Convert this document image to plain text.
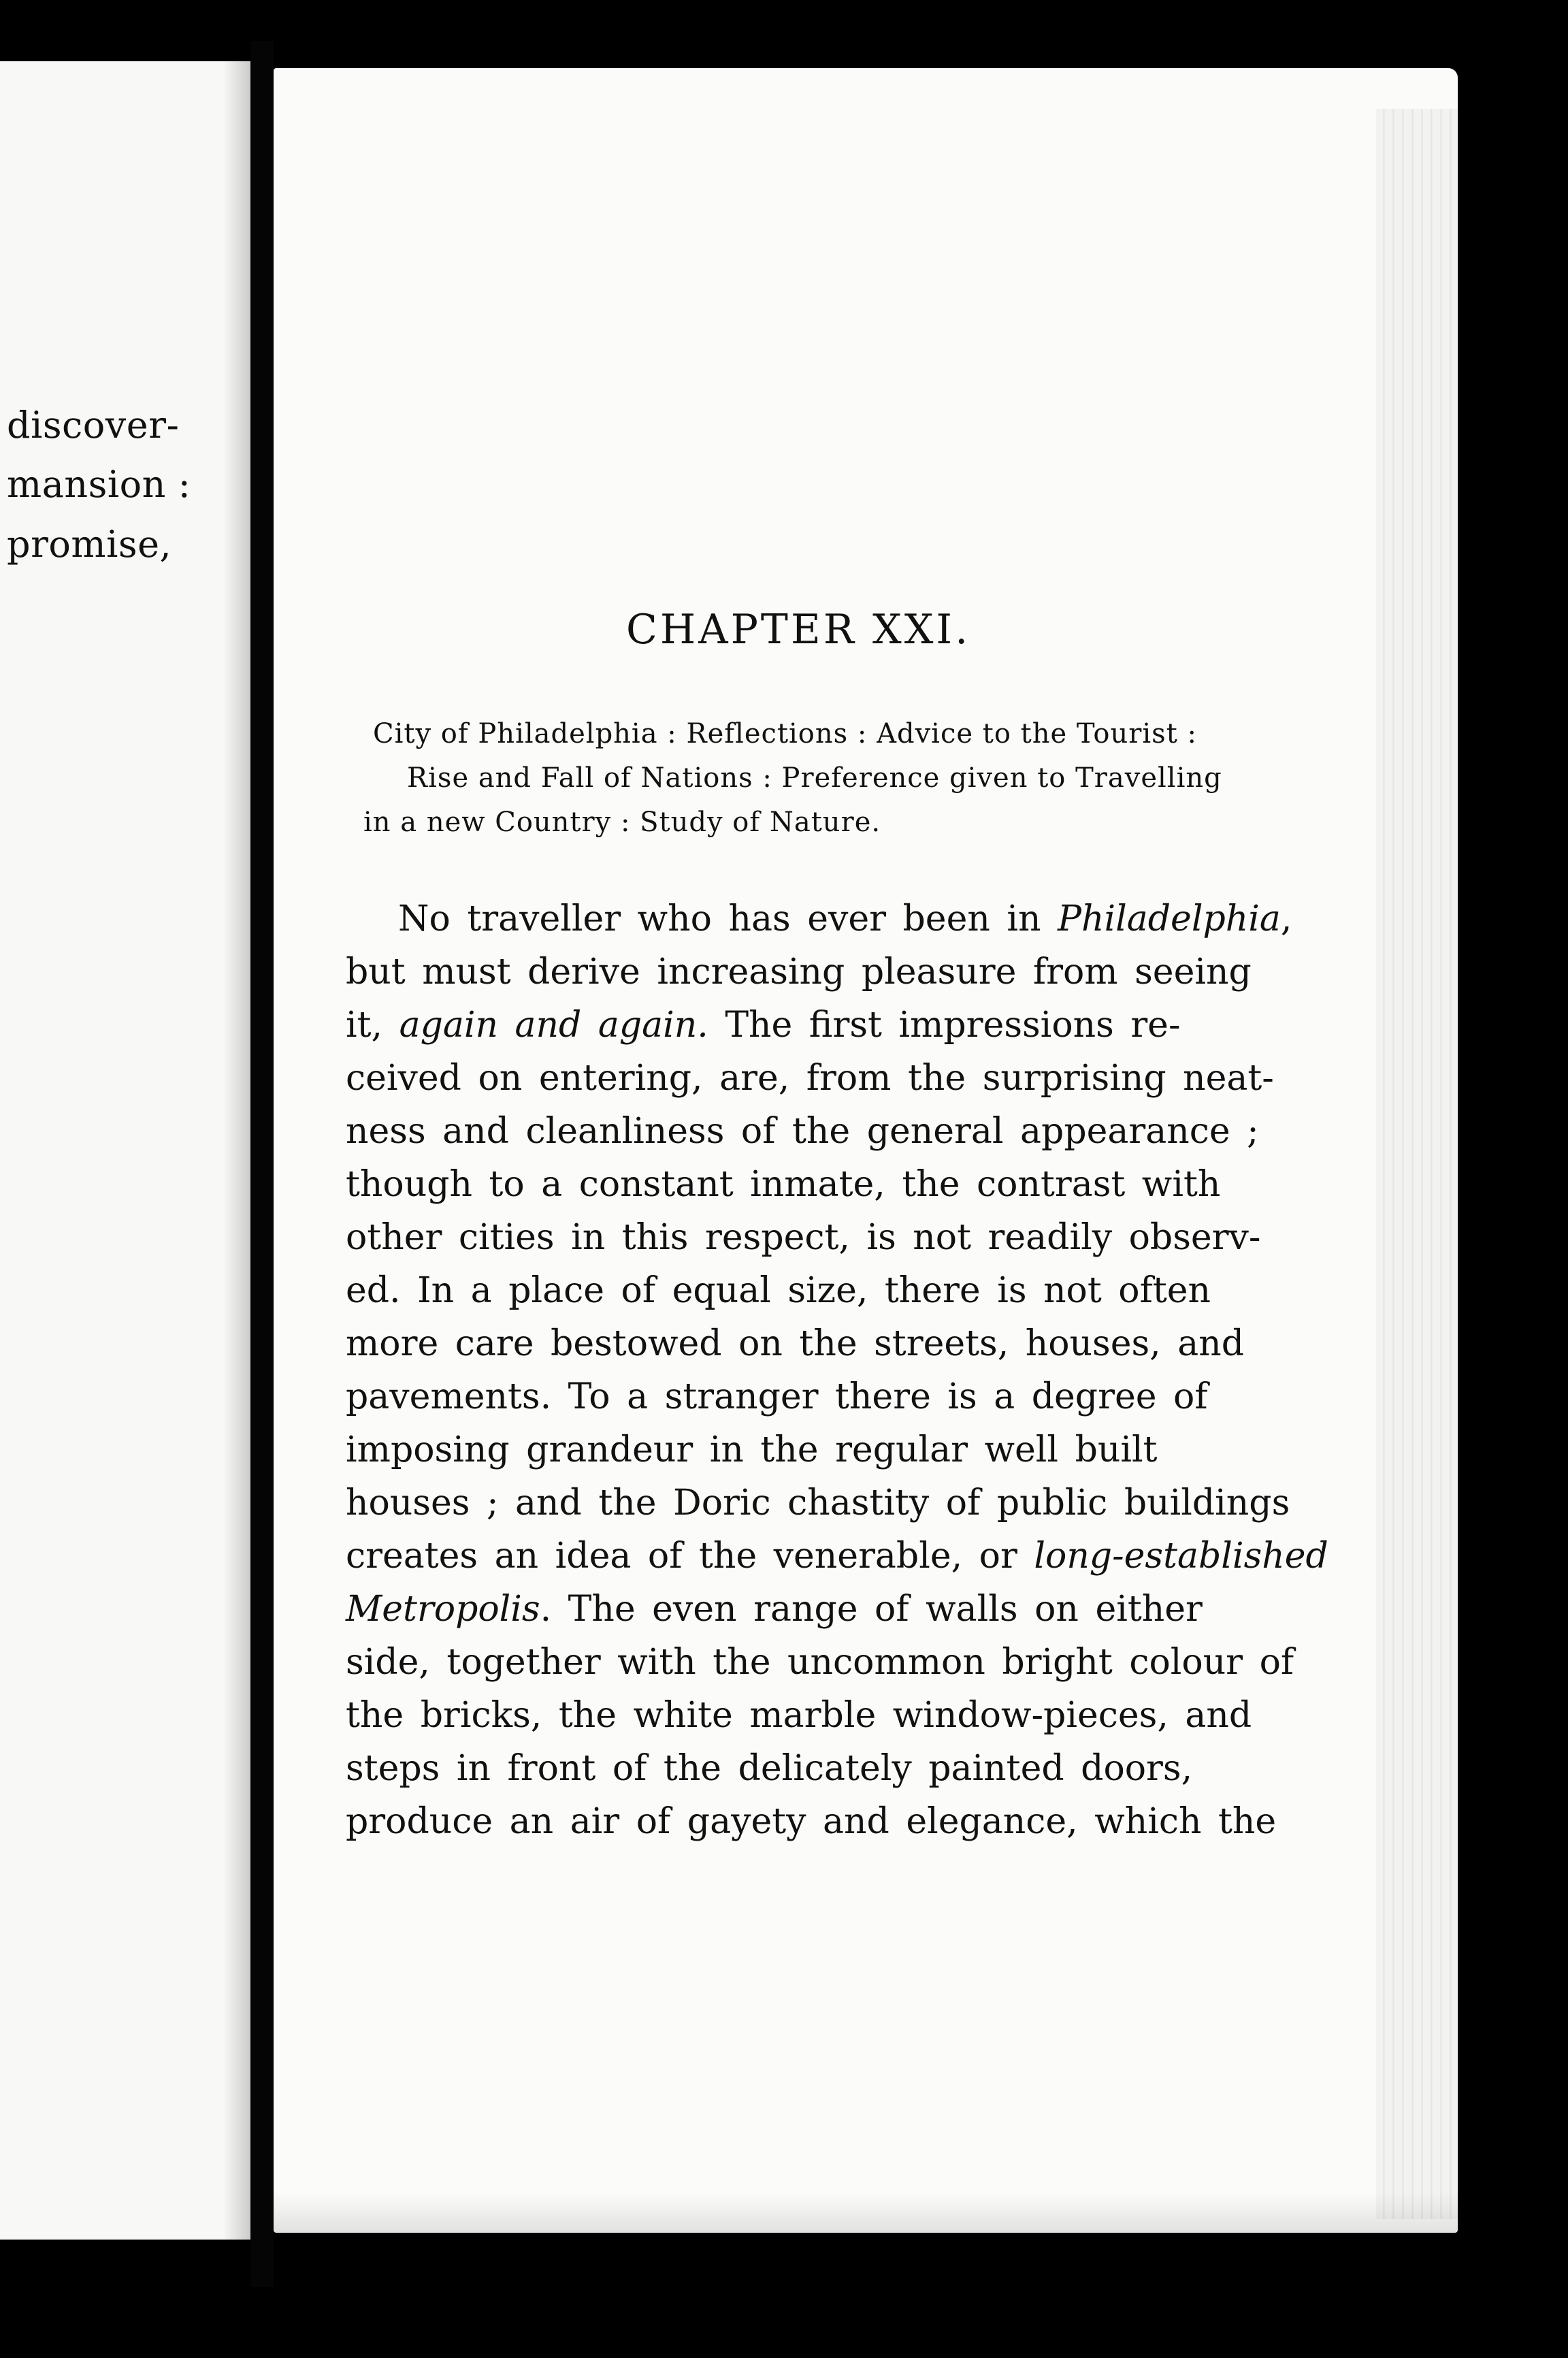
discover-
mansion :
promise,
CHAPTER XXI.
City of Philadelphia : Reflections : Advice to the Tourist :
Rise and Fall of Nations : Preference given to Travelling
in a new Country : Study of Nature.
No traveller who has ever been in Philadelphia,
but must derive increasing pleasure from seeing
it, again and again. The first impressions re-
ceived on entering, are, from the surprising neat-
ness and cleanliness of the general appearance ;
though to a constant inmate, the contrast with
other cities in this respect, is not readily observ-
ed. In a place of equal size, there is not often
more care bestowed on the streets, houses, and
pavements. To a stranger there is a degree of
imposing grandeur in the regular well built
houses ; and the Doric chastity of public buildings
creates an idea of the venerable, or long-established
Metropolis. The even range of walls on either
side, together with the uncommon bright colour of
the bricks, the white marble window-pieces, and
steps in front of the delicately painted doors,
produce an air of gayety and elegance, which the
